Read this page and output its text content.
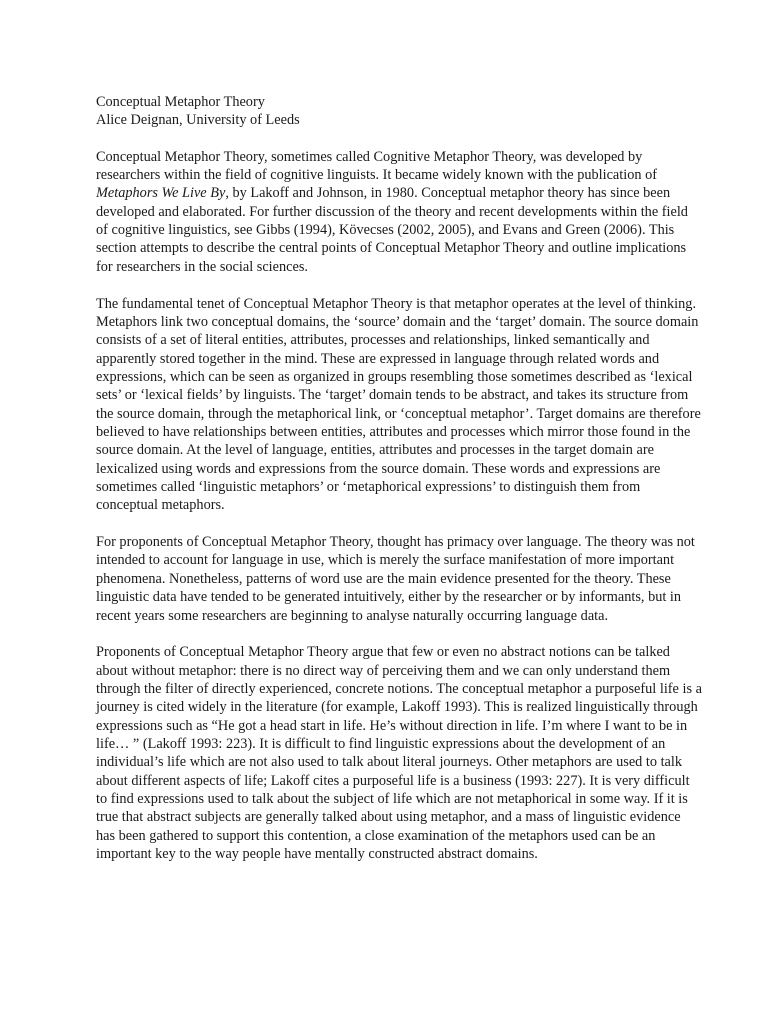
Conceptual Metaphor Theory

Alice Deignan, University of Leeds

Conceptual Metaphor Theory, sometimes called Cognitive Metaphor Theory, was developed by researchers within the field of cognitive linguists. It became widely known with the publication of Metaphors We Live By, by Lakoff and Johnson, in 1980. Conceptual metaphor theory has since been developed and elaborated. For further discussion of the theory and recent developments within the field of cognitive linguistics, see Gibbs (1994), Kövecses (2002, 2005), and Evans and Green (2006). This section attempts to describe the central points of Conceptual Metaphor Theory and outline implications for researchers in the social sciences.

The fundamental tenet of Conceptual Metaphor Theory is that metaphor operates at the level of thinking. Metaphors link two conceptual domains, the ‘source’ domain and the ‘target’ domain. The source domain consists of a set of literal entities, attributes, processes and relationships, linked semantically and apparently stored together in the mind. These are expressed in language through related words and expressions, which can be seen as organized in groups resembling those sometimes described as ‘lexical sets’ or ‘lexical fields’ by linguists. The ‘target’ domain tends to be abstract, and takes its structure from the source domain, through the metaphorical link, or ‘conceptual metaphor’. Target domains are therefore believed to have relationships between entities, attributes and processes which mirror those found in the source domain. At the level of language, entities, attributes and processes in the target domain are lexicalized using words and expressions from the source domain. These words and expressions are sometimes called ‘linguistic metaphors’ or ‘metaphorical expressions’ to distinguish them from conceptual metaphors.

For proponents of Conceptual Metaphor Theory, thought has primacy over language. The theory was not intended to account for language in use, which is merely the surface manifestation of more important phenomena. Nonetheless, patterns of word use are the main evidence presented for the theory. These linguistic data have tended to be generated intuitively, either by the researcher or by informants, but in recent years some researchers are beginning to analyse naturally occurring language data.

Proponents of Conceptual Metaphor Theory argue that few or even no abstract notions can be talked about without metaphor: there is no direct way of perceiving them and we can only understand them through the filter of directly experienced, concrete notions. The conceptual metaphor a purposeful life is a journey is cited widely in the literature (for example, Lakoff 1993). This is realized linguistically through expressions such as “He got a head start in life. He’s without direction in life. I’m where I want to be in life… ” (Lakoff 1993: 223). It is difficult to find linguistic expressions about the development of an individual’s life which are not also used to talk about literal journeys. Other metaphors are used to talk about different aspects of life; Lakoff cites a purposeful life is a business (1993: 227). It is very difficult to find expressions used to talk about the subject of life which are not metaphorical in some way. If it is true that abstract subjects are generally talked about using metaphor, and a mass of linguistic evidence has been gathered to support this contention, a close examination of the metaphors used can be an important key to the way people have mentally constructed abstract domains.
